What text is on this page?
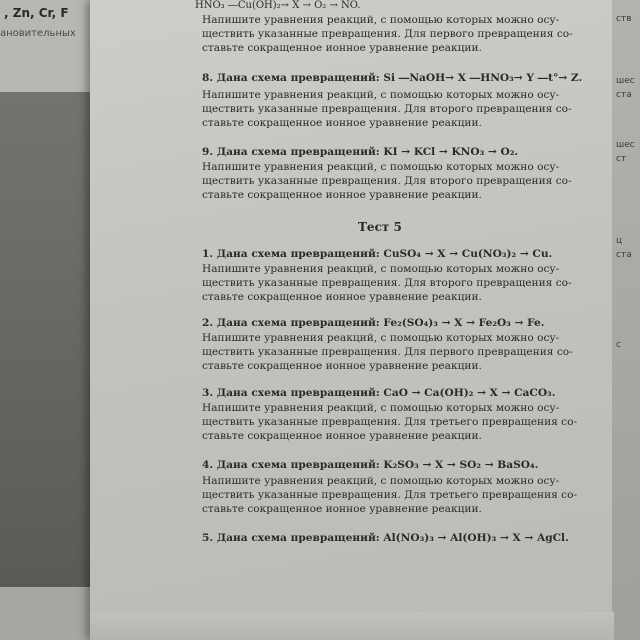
, Zn, Cr, F
ановительных
ств
шес
ста
шес
ст
ц
ста
с
HNO₃ ―Cu(OH)₂→ X → O₂ → NO.
Напишите уравнения реакций, с помощью которых можно осу-
ществить указанные превращения. Для первого превращения со-
ставьте сокращенное ионное уравнение реакции.
8. Дана схема превращений: Si ―NaOH→ X ―HNO₃→ Y ―t°→ Z.
Напишите уравнения реакций, с помощью которых можно осу-
ществить указанные превращения. Для второго превращения со-
ставьте сокращенное ионное уравнение реакции.
9. Дана схема превращений: KI → KCl → KNO₃ → O₂.
Напишите уравнения реакций, с помощью которых можно осу-
ществить указанные превращения. Для второго превращения со-
ставьте сокращенное ионное уравнение реакции.
Тест 5
1. Дана схема превращений: CuSO₄ → X → Cu(NO₃)₂ → Cu.
Напишите уравнения реакций, с помощью которых можно осу-
ществить указанные превращения. Для второго превращения со-
ставьте сокращенное ионное уравнение реакции.
2. Дана схема превращений: Fe₂(SO₄)₃ → X → Fe₂O₃ → Fe.
Напишите уравнения реакций, с помощью которых можно осу-
ществить указанные превращения. Для первого превращения со-
ставьте сокращенное ионное уравнение реакции.
3. Дана схема превращений: CaO → Ca(OH)₂ → X → CaCO₃.
Напишите уравнения реакций, с помощью которых можно осу-
ществить указанные превращения. Для третьего превращения со-
ставьте сокращенное ионное уравнение реакции.
4. Дана схема превращений: K₂SO₃ → X → SO₂ → BaSO₄.
Напишите уравнения реакций, с помощью которых можно осу-
ществить указанные превращения. Для третьего превращения со-
ставьте сокращенное ионное уравнение реакции.
5. Дана схема превращений: Al(NO₃)₃ → Al(OH)₃ → X → AgCl.
